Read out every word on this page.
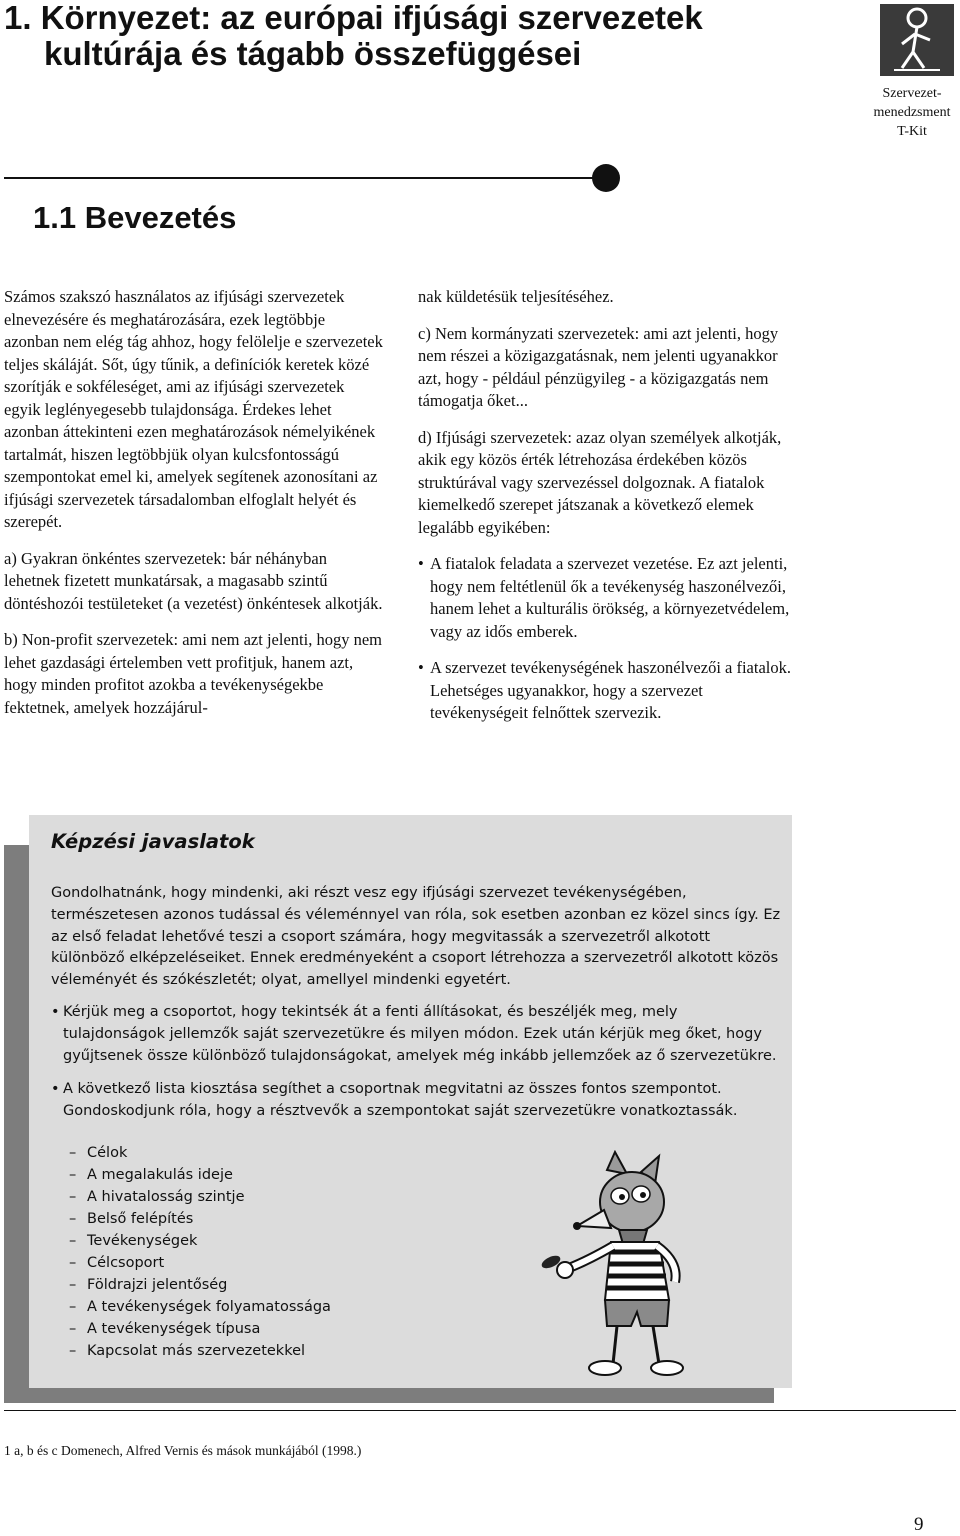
1. Környezet: az európai ifjúsági szervezetek
kultúrája és tágabb összefüggései
Szervezet-
menedzsment
T-Kit
1.1 Bevezetés

Számos szakszó használatos az ifjúsági szervezetek elnevezésére és meghatározására, ezek legtöbbje azonban nem elég tág ahhoz, hogy felölelje e szervezetek teljes skáláját. Sőt, úgy tűnik, a definíciók keretek közé szorítják e sokféleséget, ami az ifjúsági szervezetek egyik leglényegesebb tulajdonsága. Érdekes lehet azonban áttekinteni ezen meghatározások némelyikének tartalmát, hiszen legtöbbjük olyan kulcsfontosságú szempontokat emel ki, amelyek segítenek azonosítani az ifjúsági szervezetek társadalomban elfoglalt helyét és szerepét.

a) Gyakran önkéntes szervezetek: bár néhányban lehetnek fizetett munkatársak, a magasabb szintű döntéshozói testületeket (a vezetést) önkéntesek alkotják.

b) Non-profit szervezetek: ami nem azt jelenti, hogy nem lehet gazdasági értelemben vett profitjuk, hanem azt, hogy minden profitot azokba a tevékenységekbe fektetnek, amelyek hozzájárul-

nak küldetésük teljesítéséhez.

c) Nem kormányzati szervezetek: ami azt jelenti, hogy nem részei a közigazgatásnak, nem jelenti ugyanakkor azt, hogy - például pénzügyileg - a közigazgatás nem támogatja őket...

d) Ifjúsági szervezetek: azaz olyan személyek alkotják, akik egy közös érték létrehozása érdekében közös struktúrával vagy szervezéssel dolgoznak. A fiatalok kiemelkedő szerepet játszanak a következő elemek legalább egyikében:

• A fiatalok feladata a szervezet vezetése. Ez azt jelenti, hogy nem feltétlenül ők a tevékenység haszonélvezői, hanem lehet a kulturális örökség, a környezetvédelem, vagy az idős emberek.
• A szervezet tevékenységének haszonélvezői a fiatalok. Lehetséges ugyanakkor, hogy a szervezet tevékenységeit felnőttek szervezik.
Képzési javaslatok

Gondolhatnánk, hogy mindenki, aki részt vesz egy ifjúsági szervezet tevékenységében, természetesen azonos tudással és véleménnyel van róla, sok esetben azonban ez közel sincs így. Ez az első feladat lehetővé teszi a csoport számára, hogy megvitassák a szervezetről alkotott különböző elképzeléseiket. Ennek eredményeként a csoport létrehozza a szervezetről alkotott közös véleményét és szókészletét; olyat, amellyel mindenki egyetért.

• Kérjük meg a csoportot, hogy tekintsék át a fenti állításokat, és beszéljék meg, mely tulajdonságok jellemzők saját szervezetükre és milyen módon. Ezek után kérjük meg őket, hogy gyűjtsenek össze különböző tulajdonságokat, amelyek még inkább jellemzőek az ő szervezetükre.
• A következő lista kiosztása segíthet a csoportnak megvitatni az összes fontos szempontot. Gondoskodjunk róla, hogy a résztvevők a szempontokat saját szervezetükre vonatkoztassák.
– Célok
– A megalakulás ideje
– A hivatalosság szintje
– Belső felépítés
– Tevékenységek
– Célcsoport
– Földrajzi jelentőség
– A tevékenységek folyamatossága
– A tevékenységek típusa
– Kapcsolat más szervezetekkel
1 a, b és c Domenech, Alfred Vernis és mások munkájából (1998.)
9
